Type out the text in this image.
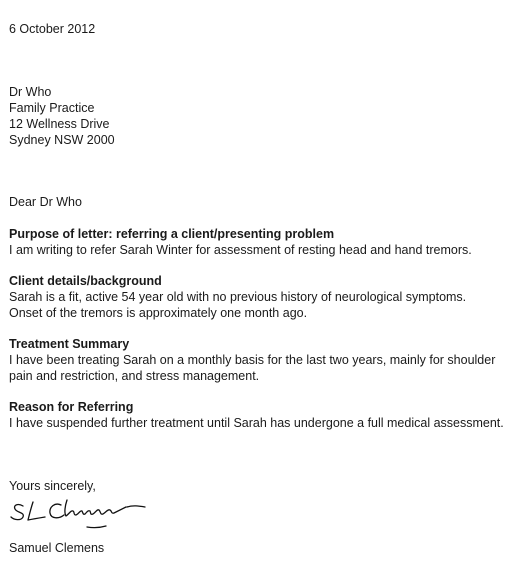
6 October 2012
Dr Who
Family Practice
12 Wellness Drive
Sydney NSW 2000
Dear Dr Who
Purpose of letter: referring a client/presenting problem
I am writing to refer Sarah Winter for assessment of resting head and hand tremors.
Client details/background
Sarah is a fit, active 54 year old with no previous history of neurological symptoms. Onset of the tremors is approximately one month ago.
Treatment Summary
I have been treating Sarah on a monthly basis for the last two years, mainly for shoulder pain and restriction, and stress management.
Reason for Referring
I have suspended further treatment until Sarah has undergone a full medical assessment.
Yours sincerely,
Samuel Clemens
